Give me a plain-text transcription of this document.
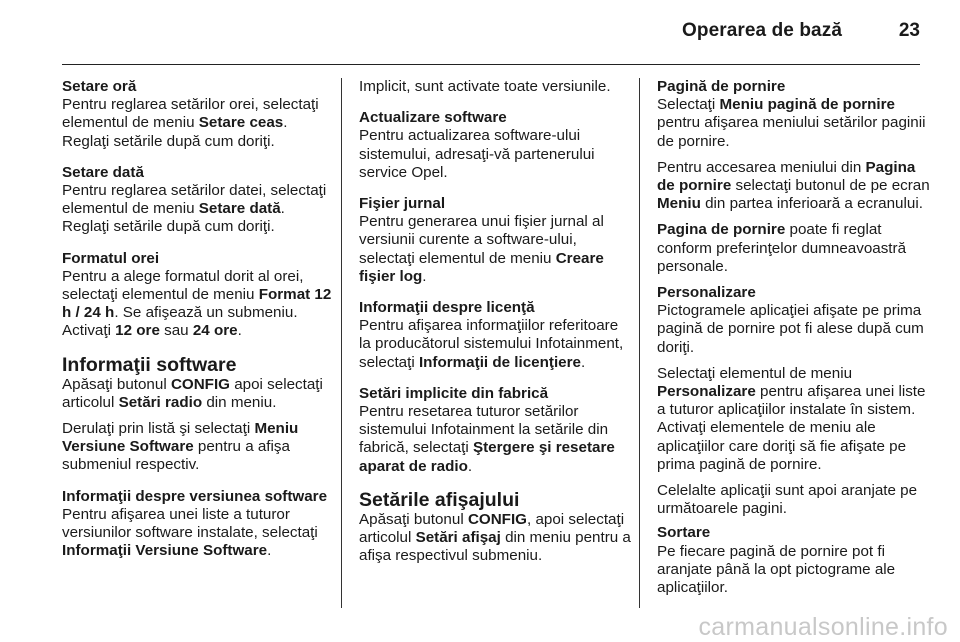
Operarea de bază	23
Setare oră
Pentru reglarea setărilor orei, selectaţi elementul de meniu Setare ceas. Reglaţi setările după cum doriţi.
Setare dată
Pentru reglarea setărilor datei, selectaţi elementul de meniu Setare dată. Reglaţi setările după cum doriţi.
Formatul orei
Pentru a alege formatul dorit al orei, selectaţi elementul de meniu Format 12 h / 24 h. Se afişează un submeniu. Activaţi 12 ore sau 24 ore.
Informaţii software

Apăsaţi butonul CONFIG apoi selectaţi articolul Setări radio din meniu.

Derulaţi prin listă şi selectaţi Meniu Versiune Software pentru a afişa submeniul respectiv.

Informaţii despre versiunea software
Pentru afişarea unei liste a tuturor versiunilor software instalate, selectaţi Informaţii Versiune Software.
Implicit, sunt activate toate versiunile.
Actualizare software
Pentru actualizarea software-ului sistemului, adresaţi-vă partenerului service Opel.
Fişier jurnal
Pentru generarea unui fişier jurnal al versiunii curente a software-ului, selectaţi elementul de meniu Creare fişier log.
Informaţii despre licenţă
Pentru afişarea informaţiilor referitoare la producătorul sistemului Infotainment, selectaţi Informaţii de licenţiere.
Setări implicite din fabrică
Pentru resetarea tuturor setărilor sistemului Infotainment la setările din fabrică, selectaţi Ştergere şi resetare aparat de radio.
Setările afişajului

Apăsaţi butonul CONFIG, apoi selectaţi articolul Setări afişaj din meniu pentru a afişa respectivul submeniu.

Pagină de pornire
Selectaţi Meniu pagină de pornire pentru afişarea meniului setărilor paginii de pornire.

Pentru accesarea meniului din Pagina de pornire selectaţi butonul de pe ecran Meniu din partea inferioară a ecranului.

Pagina de pornire poate fi reglat conform preferinţelor dumneavoastră personale.

Personalizare
Pictogramele aplicaţiei afişate pe prima pagină de pornire pot fi alese după cum doriţi.

Selectaţi elementul de meniu Personalizare pentru afişarea unei liste a tuturor aplicaţiilor instalate în sistem. Activaţi elementele de meniu ale aplicaţiilor care doriţi să fie afişate pe prima pagină de pornire.

Celelalte aplicaţii sunt apoi aranjate pe următoarele pagini.

Sortare
Pe fiecare pagină de pornire pot fi aranjate până la opt pictograme ale aplicaţiilor.
carmanualsonline.info
